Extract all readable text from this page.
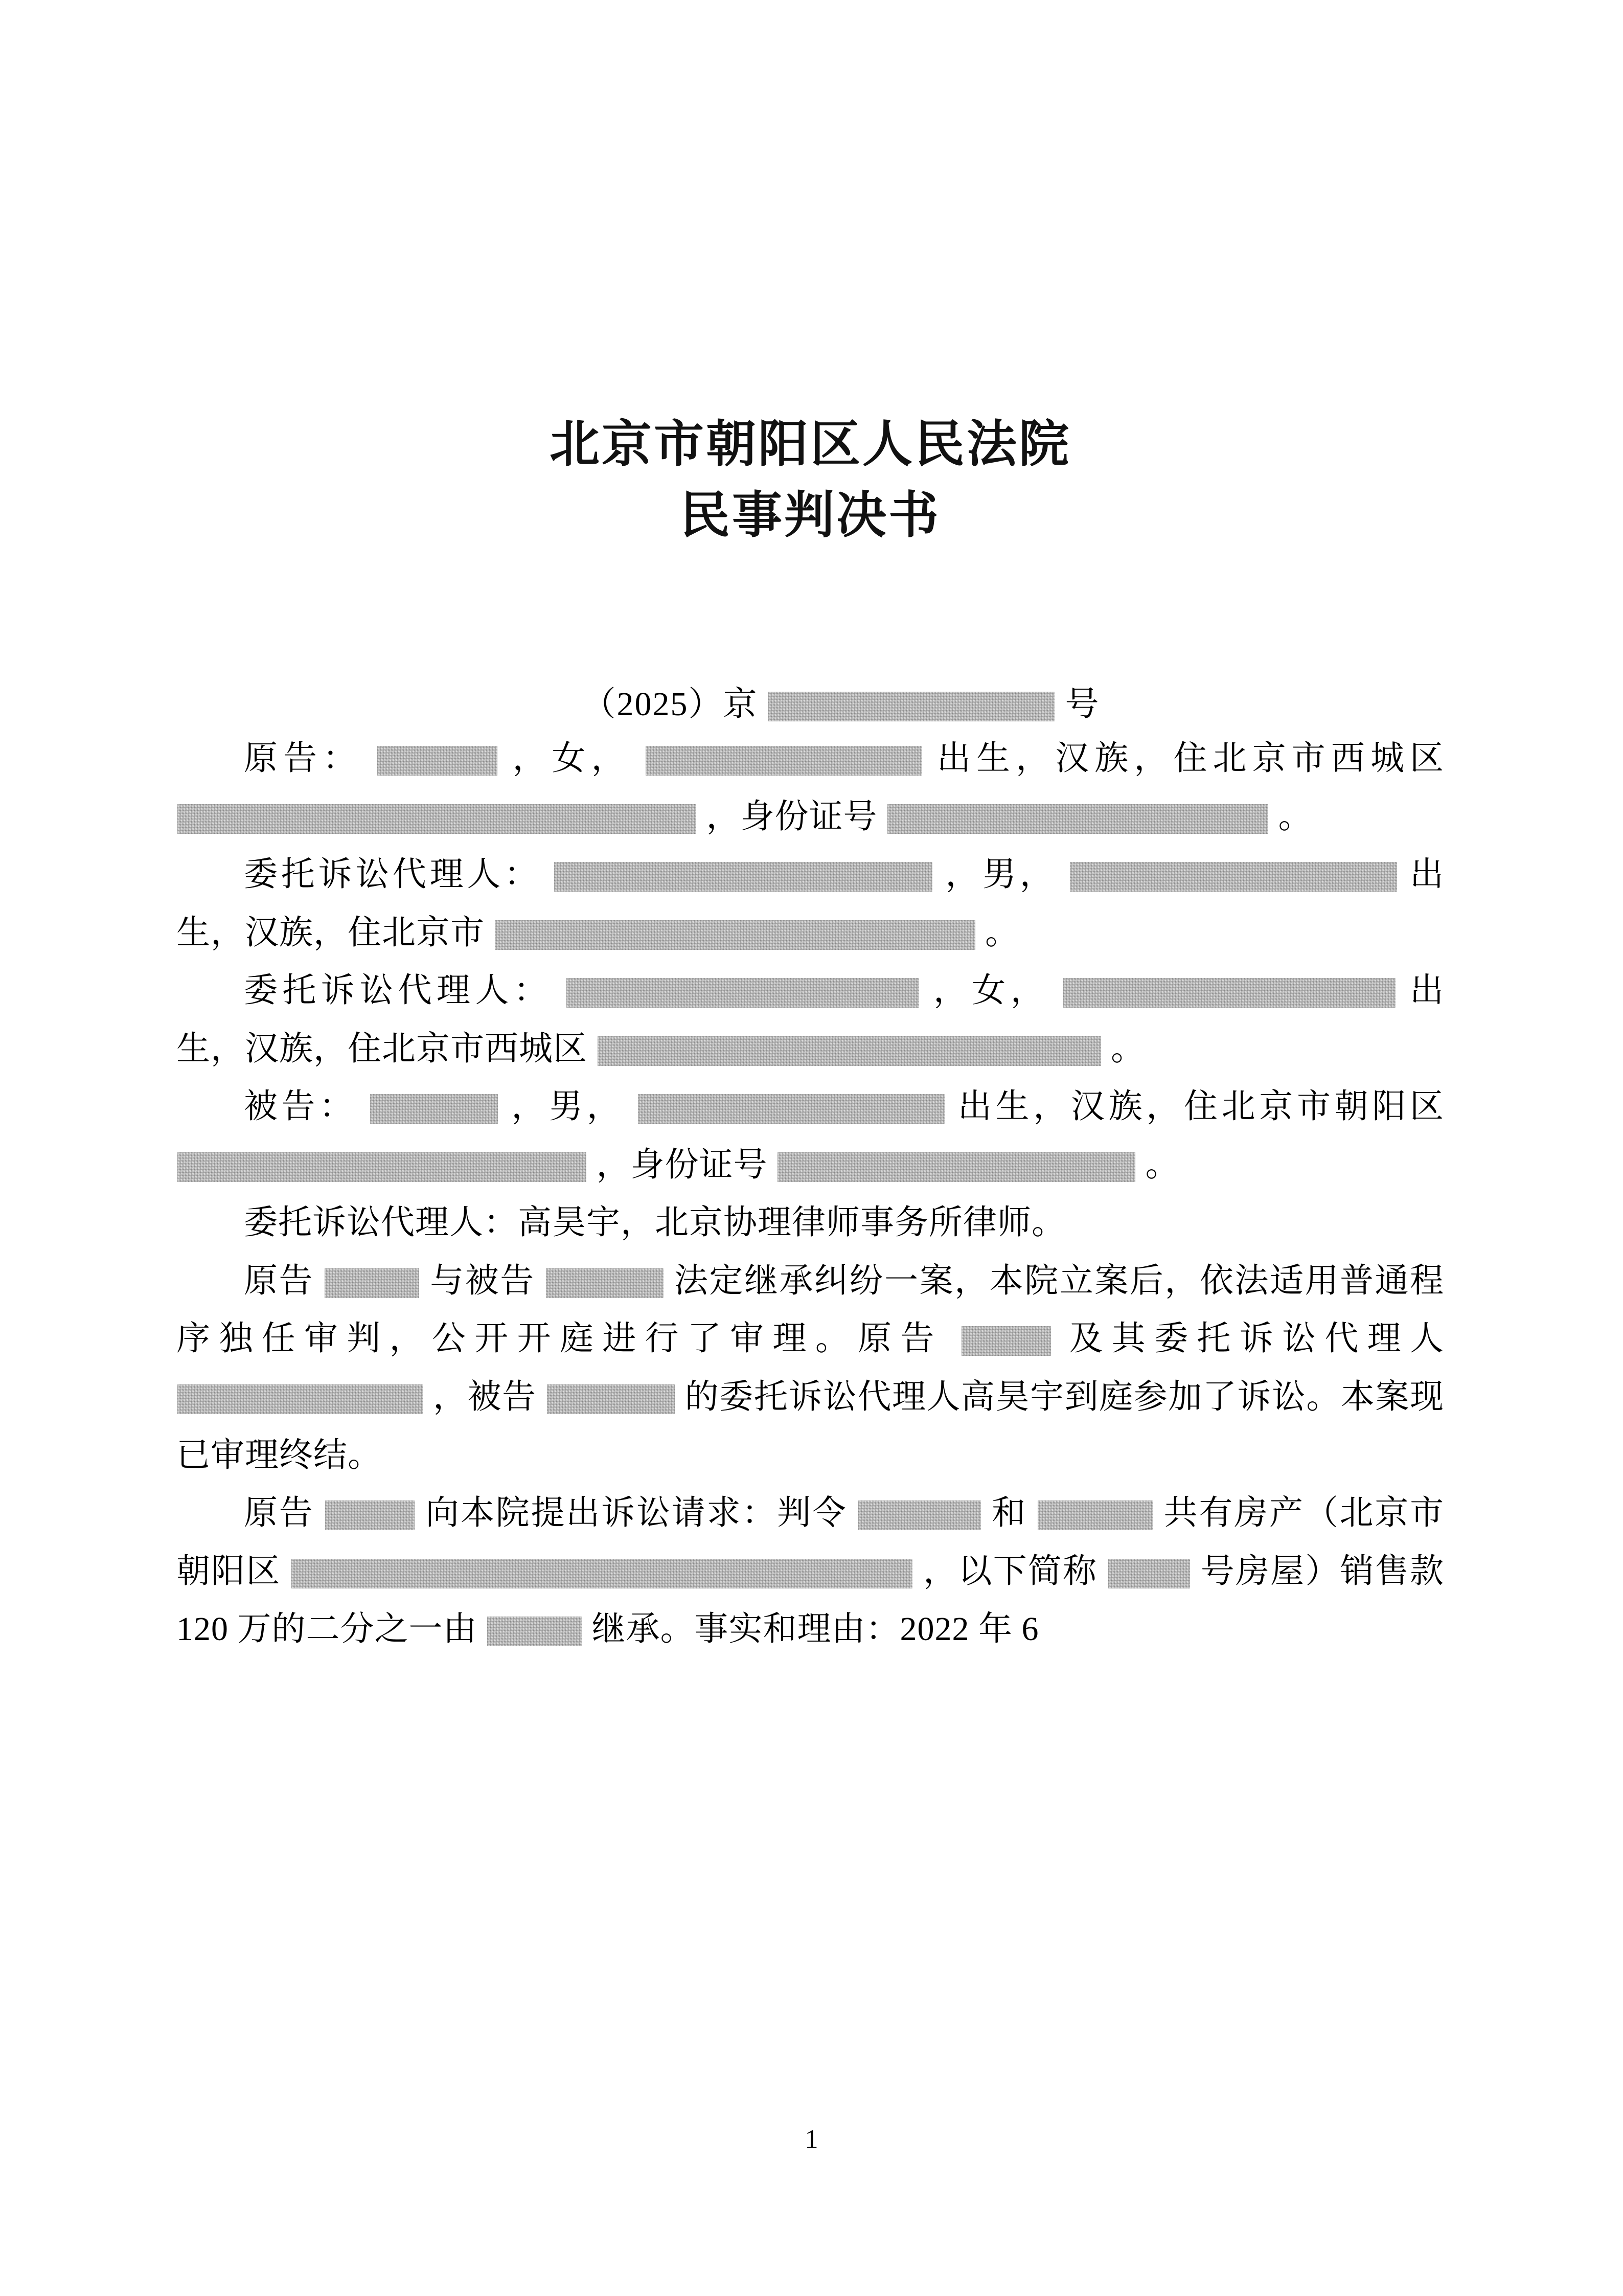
北京市朝阳区人民法院
民事判决书
（2025）京	号

原告：	，女，	出生，汉族，住北京市西城区  ，身份证号	。

委托诉讼代理人：	，男，	出生，汉族，住北京市	。

委托诉讼代理人：	，女，	出生，汉族，住北京市西城区	。

被告：	，男，	出生，汉族，住北京市朝阳区  ，身份证号	。

委托诉讼代理人：高昊宇，北京协理律师事务所律师。

原告	与被告	法定继承纠纷一案，本院立案后，依法适用普通程序独任审判，公开开庭进行了审理。原告	及其委托诉讼代理人  ，被告	的委托诉讼代理人高昊宇到庭参加了诉讼。本案现已审理终结。

原告	向本院提出诉讼请求：判令	和	共有房产（北京市朝阳区	，以下简称	号房屋）销售款120 万的二分之一由	继承。事实和理由：2022 年 6

1
